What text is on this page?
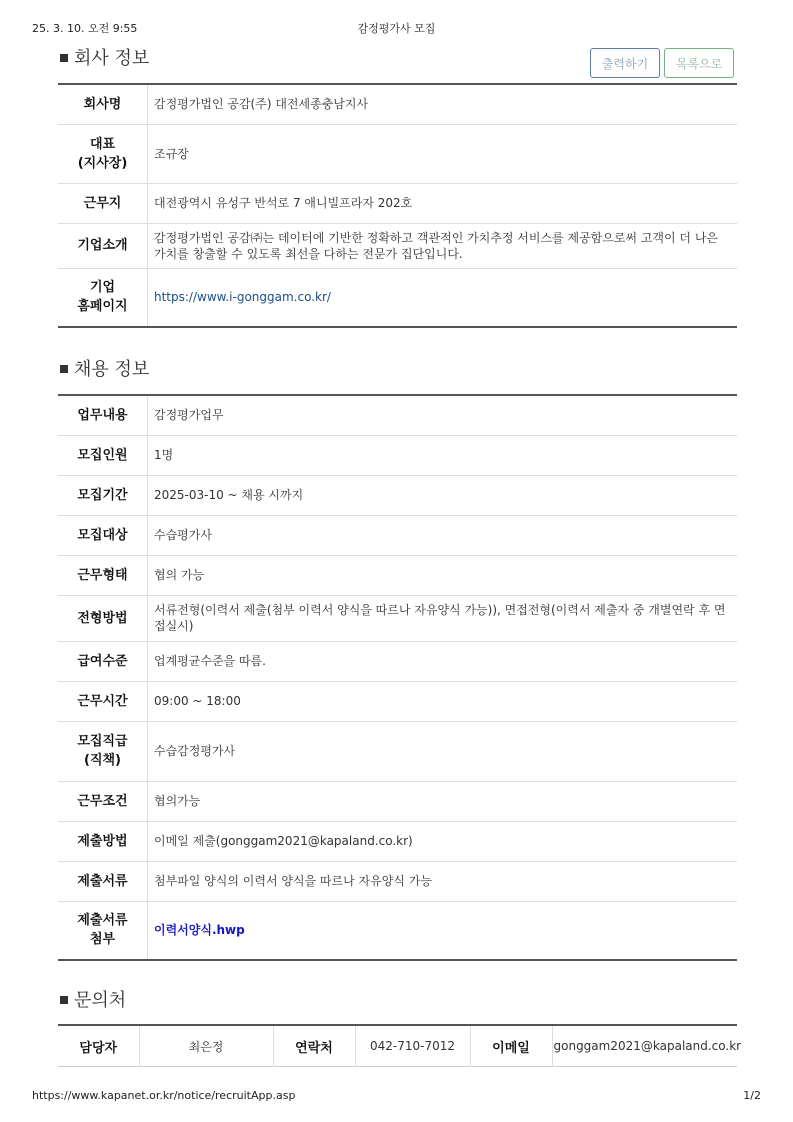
25. 3. 10. 오전 9:55	감정평가사 모집
회사 정보	출력하기	목록으로
회사명	감정평가법인 공감(주) 대전세종충남지사
대표
(지사장)	조규장
근무지	대전광역시 유성구 반석로 7 애니빌프라자 202호
기업소개	감정평가법인 공감㈜는 데이터에 기반한 정확하고 객관적인 가치추정 서비스를 제공함으로써 고객이 더 나은 가치를 창출할 수 있도록 최선을 다하는 전문가 집단입니다.
기업
홈페이지	https://www.i-gonggam.co.kr/
채용 정보
업무내용	감정평가업무
모집인원	1명
모집기간	2025-03-10 ~ 채용 시까지
모집대상	수습평가사
근무형태	협의 가능
전형방법	서류전형(이력서 제출(첨부 이력서 양식을 따르나 자유양식 가능)), 면접전형(이력서 제출자 중 개별연락 후 면접실시)
급여수준	업계평균수준을 따름.
근무시간	09:00 ~ 18:00
모집직급
(직책)	수습감정평가사
근무조건	협의가능
제출방법	이메일 제출(gonggam2021@kapaland.co.kr)
제출서류	첨부파일 양식의 이력서 양식을 따르나 자유양식 가능
제출서류
첨부	이력서양식.hwp
문의처
담당자	최은정	연락처	042-710-7012	이메일	gonggam2021@kapaland.co.kr
https://www.kapanet.or.kr/notice/recruitApp.asp	1/2
